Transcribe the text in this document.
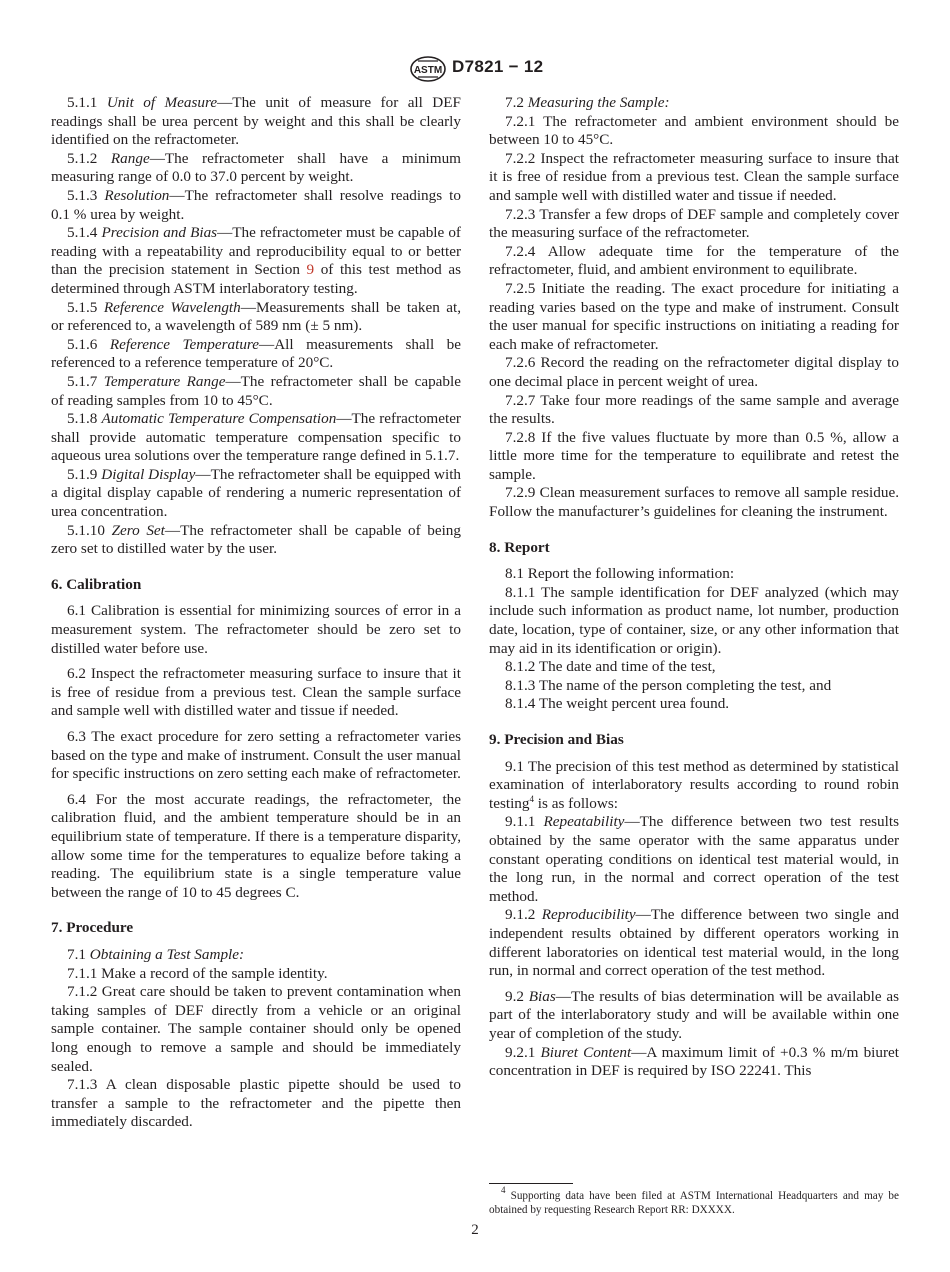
ASTM D7821 − 12

5.1.1 Unit of Measure—The unit of measure for all DEF readings shall be urea percent by weight and this shall be clearly identified on the refractometer.

5.1.2 Range—The refractometer shall have a minimum measuring range of 0.0 to 37.0 percent by weight.

5.1.3 Resolution—The refractometer shall resolve readings to 0.1 % urea by weight.

5.1.4 Precision and Bias—The refractometer must be capable of reading with a repeatability and reproducibility equal to or better than the precision statement in Section 9 of this test method as determined through ASTM interlaboratory testing.

5.1.5 Reference Wavelength—Measurements shall be taken at, or referenced to, a wavelength of 589 nm (± 5 nm).

5.1.6 Reference Temperature—All measurements shall be referenced to a reference temperature of 20°C.

5.1.7 Temperature Range—The refractometer shall be capable of reading samples from 10 to 45°C.

5.1.8 Automatic Temperature Compensation—The refractometer shall provide automatic temperature compensation specific to aqueous urea solutions over the temperature range defined in 5.1.7.

5.1.9 Digital Display—The refractometer shall be equipped with a digital display capable of rendering a numeric representation of urea concentration.

5.1.10 Zero Set—The refractometer shall be capable of being zero set to distilled water by the user.

6. Calibration

6.1 Calibration is essential for minimizing sources of error in a measurement system. The refractometer should be zero set to distilled water before use.

6.2 Inspect the refractometer measuring surface to insure that it is free of residue from a previous test. Clean the sample surface and sample well with distilled water and tissue if needed.

6.3 The exact procedure for zero setting a refractometer varies based on the type and make of instrument. Consult the user manual for specific instructions on zero setting each make of refractometer.

6.4 For the most accurate readings, the refractometer, the calibration fluid, and the ambient temperature should be in an equilibrium state of temperature. If there is a temperature disparity, allow some time for the temperatures to equalize before taking a reading. The equilibrium state is a single temperature value between the range of 10 to 45 degrees C.

7. Procedure

7.1 Obtaining a Test Sample:

7.1.1 Make a record of the sample identity.

7.1.2 Great care should be taken to prevent contamination when taking samples of DEF directly from a vehicle or an original sample container. The sample container should only be opened long enough to remove a sample and should be immediately sealed.

7.1.3 A clean disposable plastic pipette should be used to transfer a sample to the refractometer and the pipette then immediately discarded.

7.2 Measuring the Sample:

7.2.1 The refractometer and ambient environment should be between 10 to 45°C.

7.2.2 Inspect the refractometer measuring surface to insure that it is free of residue from a previous test. Clean the sample surface and sample well with distilled water and tissue if needed.

7.2.3 Transfer a few drops of DEF sample and completely cover the measuring surface of the refractometer.

7.2.4 Allow adequate time for the temperature of the refractometer, fluid, and ambient environment to equilibrate.

7.2.5 Initiate the reading. The exact procedure for initiating a reading varies based on the type and make of instrument. Consult the user manual for specific instructions on initiating a reading for each make of refractometer.

7.2.6 Record the reading on the refractometer digital display to one decimal place in percent weight of urea.

7.2.7 Take four more readings of the same sample and average the results.

7.2.8 If the five values fluctuate by more than 0.5 %, allow a little more time for the temperature to equilibrate and retest the sample.

7.2.9 Clean measurement surfaces to remove all sample residue. Follow the manufacturer’s guidelines for cleaning the instrument.

8. Report

8.1 Report the following information:

8.1.1 The sample identification for DEF analyzed (which may include such information as product name, lot number, production date, location, type of container, size, or any other information that may aid in its identification or origin).

8.1.2 The date and time of the test,

8.1.3 The name of the person completing the test, and

8.1.4 The weight percent urea found.

9. Precision and Bias

9.1 The precision of this test method as determined by statistical examination of interlaboratory results according to round robin testing$^4$ is as follows:

9.1.1 Repeatability—The difference between two test results obtained by the same operator with the same apparatus under constant operating conditions on identical test material would, in the long run, in the normal and correct operation of the test method.

9.1.2 Reproducibility—The difference between two single and independent results obtained by different operators working in different laboratories on identical test material would, in the long run, in normal and correct operation of the test method.

9.2 Bias—The results of bias determination will be available as part of the interlaboratory study and will be available within one year of completion of the study.

9.2.1 Biuret Content—A maximum limit of +0.3 % m/m biuret concentration in DEF is required by ISO 22241. This

$^4$ Supporting data have been filed at ASTM International Headquarters and may be obtained by requesting Research Report RR: DXXXX.

2
